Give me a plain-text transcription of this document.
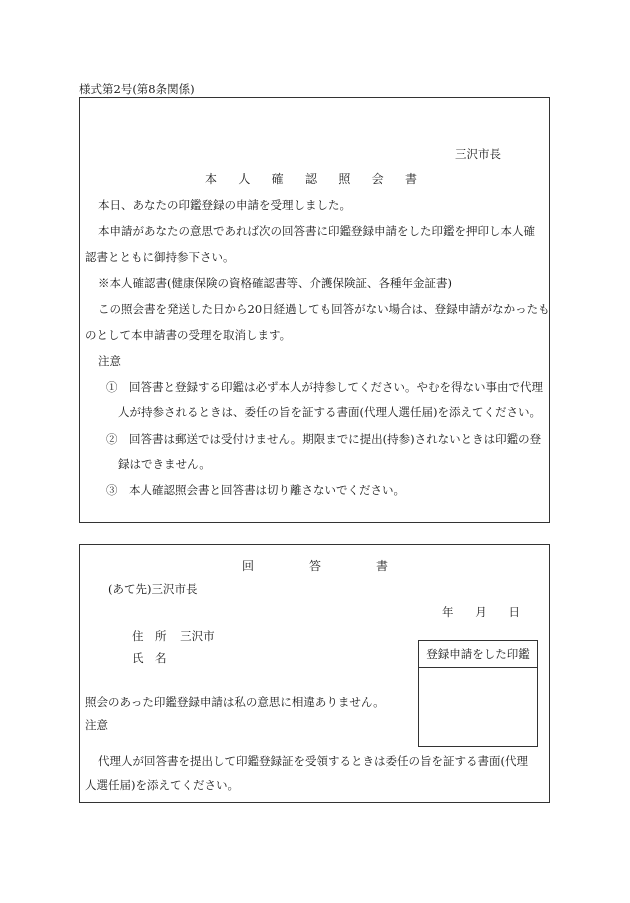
様式第2号(第8条関係)
三沢市長
本 人 確 認 照 会 書
本日、あなたの印鑑登録の申請を受理しました。
本申請があなたの意思であれば次の回答書に印鑑登録申請をした印鑑を押印し本人確
認書とともに御持参下さい。
※本人確認書(健康保険の資格確認書等、介護保険証、各種年金証書)
この照会書を発送した日から20日経過しても回答がない場合は、登録申請がなかったも
のとして本申請書の受理を取消します。
注意
①　回答書と登録する印鑑は必ず本人が持参してください。やむを得ない事由で代理
人が持参されるときは、委任の旨を証する書面(代理人選任届)を添えてください。
②　回答書は郵送では受付けません。期限までに提出(持参)されないときは印鑑の登
録はできません。
③　本人確認照会書と回答書は切り離さないでください。
回	答	書
(あて先)三沢市長
年 月 日
住　所 三沢市
氏　名	登録申請をした印鑑
照会のあった印鑑登録申請は私の意思に相違ありません。
注意
代理人が回答書を提出して印鑑登録証を受領するときは委任の旨を証する書面(代理
人選任届)を添えてください。
